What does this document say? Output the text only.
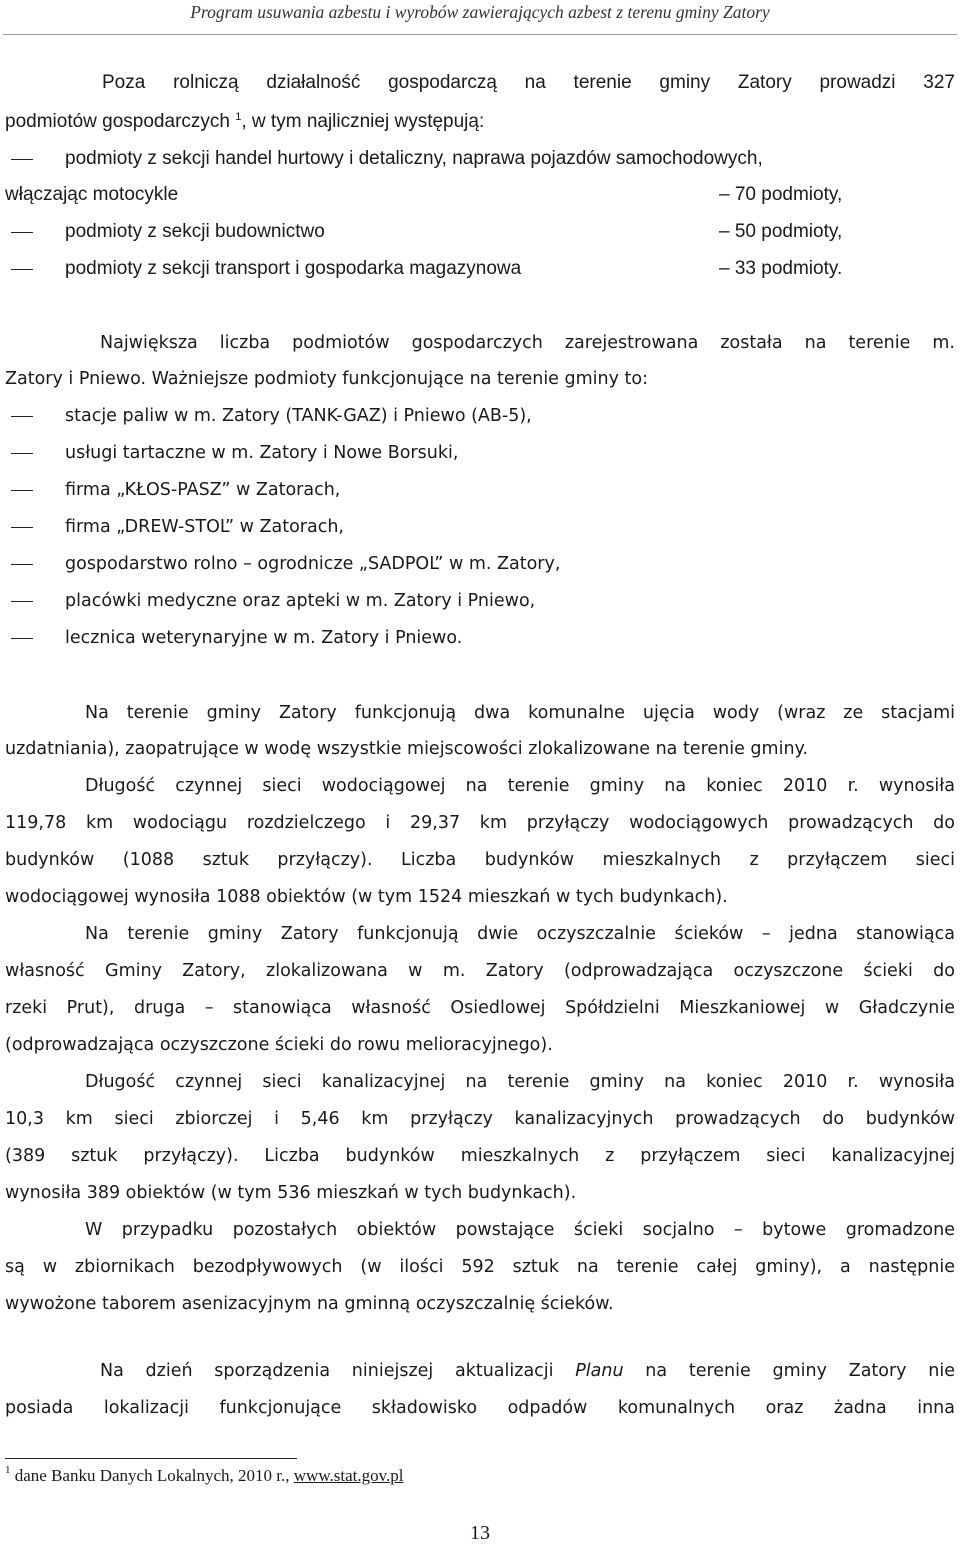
Program usuwania azbestu i wyrobów zawierających azbest z terenu gminy Zatory
Poza rolniczą działalność gospodarczą na terenie gminy Zatory prowadzi 327
podmiotów gospodarczych $^1$, w tym najliczniej występują:
podmioty z sekcji handel hurtowy i detaliczny, naprawa pojazdów samochodowych,
włączając motocykle	– 70 podmioty,
podmioty z sekcji budownictwo	– 50 podmioty,
podmioty z sekcji transport i gospodarka magazynowa	– 33 podmioty.
Największa liczba podmiotów gospodarczych zarejestrowana została na terenie m.
Zatory i Pniewo. Ważniejsze podmioty funkcjonujące na terenie gminy to:
stacje paliw w m. Zatory (TANK-GAZ) i Pniewo (AB-5),
usługi tartaczne w m. Zatory i Nowe Borsuki,
firma „KŁOS-PASZ” w Zatorach,
firma „DREW-STOL” w Zatorach,
gospodarstwo rolno – ogrodnicze „SADPOL” w m. Zatory,
placówki medyczne oraz apteki w m. Zatory i Pniewo,
lecznica weterynaryjne w m. Zatory i Pniewo.
Na terenie gminy Zatory funkcjonują dwa komunalne ujęcia wody (wraz ze stacjami
uzdatniania), zaopatrujące w wodę wszystkie miejscowości zlokalizowane na terenie gminy.
Długość czynnej sieci wodociągowej na terenie gminy na koniec 2010 r. wynosiła
119,78 km wodociągu rozdzielczego i 29,37 km przyłączy wodociągowych prowadzących do
budynków (1088 sztuk przyłączy). Liczba budynków mieszkalnych z przyłączem sieci
wodociągowej wynosiła 1088 obiektów (w tym 1524 mieszkań w tych budynkach).
Na terenie gminy Zatory funkcjonują dwie oczyszczalnie ścieków – jedna stanowiąca
własność Gminy Zatory, zlokalizowana w m. Zatory (odprowadzająca oczyszczone ścieki do
rzeki Prut), druga – stanowiąca własność Osiedlowej Spółdzielni Mieszkaniowej w Gładczynie
(odprowadzająca oczyszczone ścieki do rowu melioracyjnego).
Długość czynnej sieci kanalizacyjnej na terenie gminy na koniec 2010 r. wynosiła
10,3 km sieci zbiorczej i 5,46 km przyłączy kanalizacyjnych prowadzących do budynków
(389 sztuk przyłączy). Liczba budynków mieszkalnych z przyłączem sieci kanalizacyjnej
wynosiła 389 obiektów (w tym 536 mieszkań w tych budynkach).
W przypadku pozostałych obiektów powstające ścieki socjalno – bytowe gromadzone
są w zbiornikach bezodpływowych (w ilości 592 sztuk na terenie całej gminy), a następnie
wywożone taborem asenizacyjnym na gminną oczyszczalnię ścieków.
Na dzień sporządzenia niniejszej aktualizacji Planu na terenie gminy Zatory nie
posiada lokalizacji funkcjonujące składowisko odpadów komunalnych oraz żadna inna
$^1$ dane Banku Danych Lokalnych, 2010 r., www.stat.gov.pl
13
